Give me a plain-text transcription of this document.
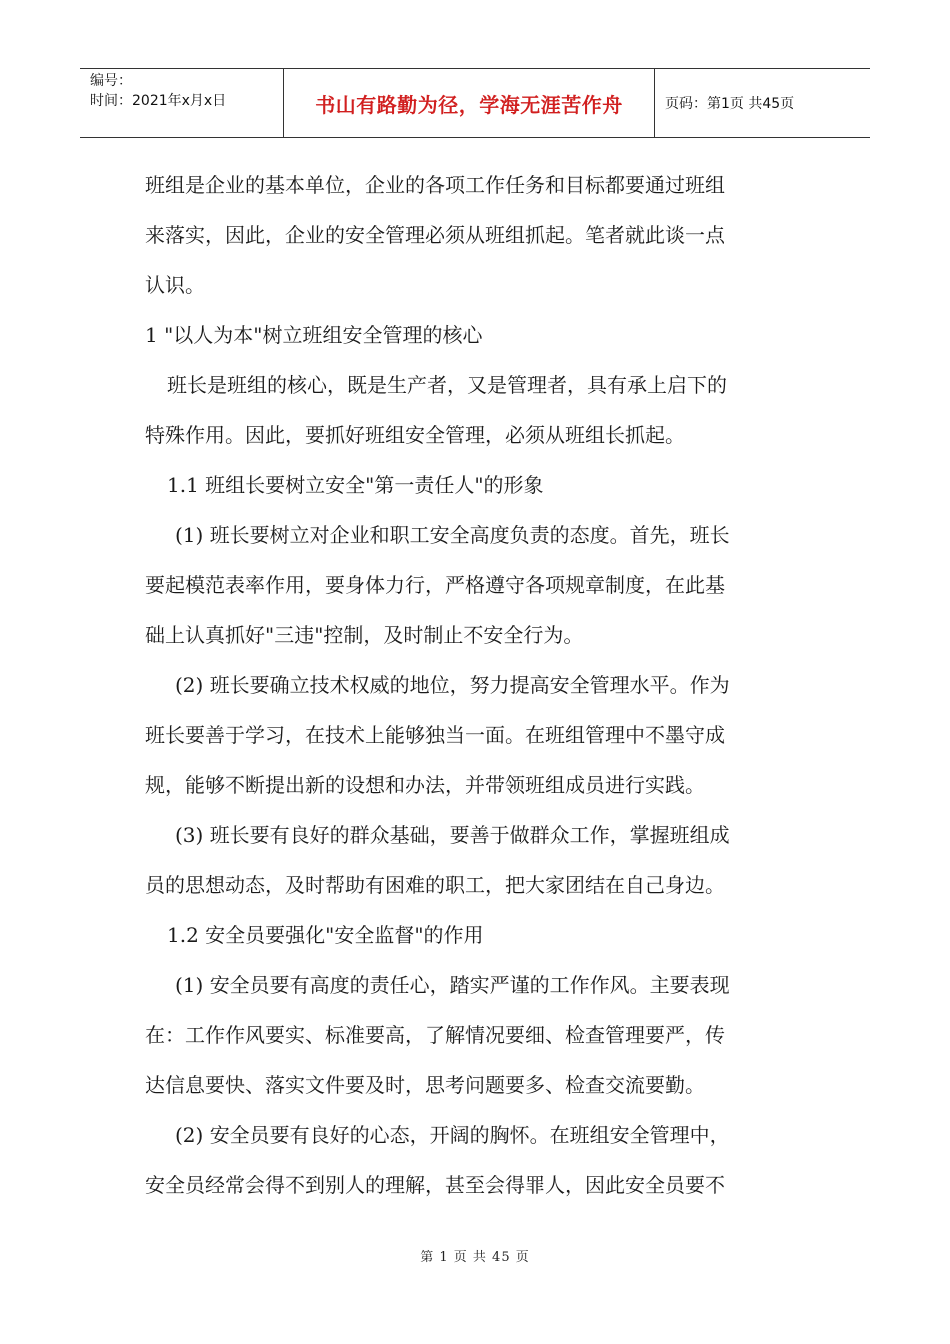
编号：
时间：2021年x月x日	书山有路勤为径，学海无涯苦作舟	页码：第1页 共45页

班组是企业的基本单位，企业的各项工作任务和目标都要通过班组

来落实，因此，企业的安全管理必须从班组抓起。笔者就此谈一点

认识。

1 "以人为本"树立班组安全管理的核心

班长是班组的核心，既是生产者，又是管理者，具有承上启下的

特殊作用。因此，要抓好班组安全管理，必须从班组长抓起。

1.1 班组长要树立安全"第一责任人"的形象

(1) 班长要树立对企业和职工安全高度负责的态度。首先，班长

要起模范表率作用，要身体力行，严格遵守各项规章制度，在此基

础上认真抓好"三违"控制，及时制止不安全行为。

(2) 班长要确立技术权威的地位，努力提高安全管理水平。作为

班长要善于学习，在技术上能够独当一面。在班组管理中不墨守成

规，能够不断提出新的设想和办法，并带领班组成员进行实践。

(3) 班长要有良好的群众基础，要善于做群众工作，掌握班组成

员的思想动态，及时帮助有困难的职工，把大家团结在自己身边。

1.2 安全员要强化"安全监督"的作用

(1) 安全员要有高度的责任心，踏实严谨的工作作风。主要表现

在：工作作风要实、标准要高，了解情况要细、检查管理要严，传

达信息要快、落实文件要及时，思考问题要多、检查交流要勤。

(2) 安全员要有良好的心态，开阔的胸怀。在班组安全管理中，

安全员经常会得不到别人的理解，甚至会得罪人，因此安全员要不

第 1 页 共 45 页
